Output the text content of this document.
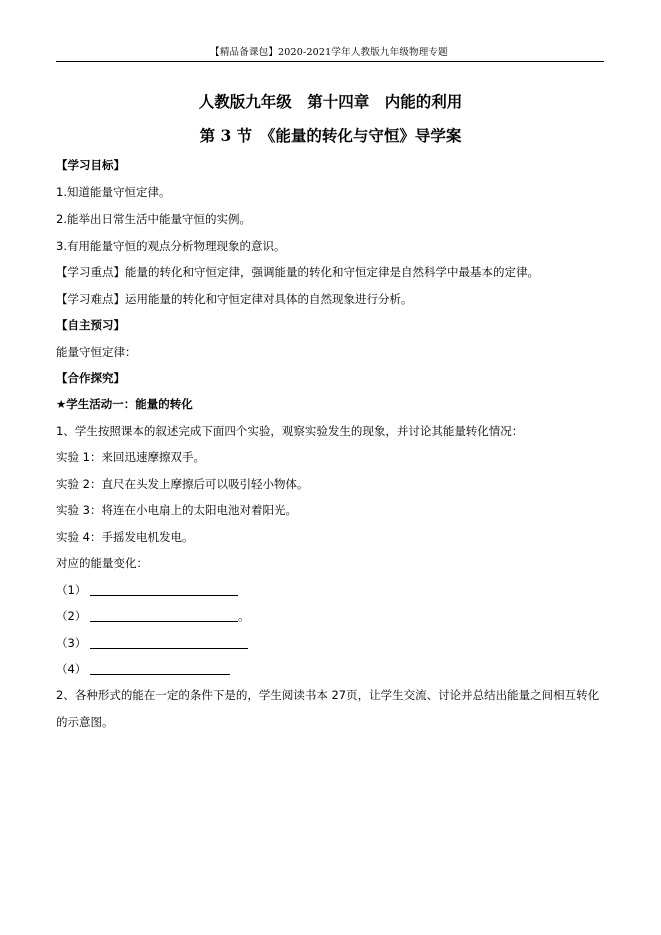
【精品备课包】2020-2021学年人教版九年级物理专题
人教版九年级　第十四章　内能的利用
第 3 节　《能量的转化与守恒》导学案
【学习目标】
1.知道能量守恒定律。
2.能举出日常生活中能量守恒的实例。
3.有用能量守恒的观点分析物理现象的意识。
【学习重点】能量的转化和守恒定律，强调能量的转化和守恒定律是自然科学中最基本的定律。
【学习难点】运用能量的转化和守恒定律对具体的自然现象进行分析。
【自主预习】
能量守恒定律：
【合作探究】
★学生活动一：能量的转化
1、学生按照课本的叙述完成下面四个实验，观察实验发生的现象，并讨论其能量转化情况：
实验 1：来回迅速摩擦双手。
实验 2：直尺在头发上摩擦后可以吸引轻小物体。
实验 3：将连在小电扇上的太阳电池对着阳光。
实验 4：手摇发电机发电。
对应的能量变化：
（1）
（2）	。
（3）
（4）
2、各种形式的能在一定的条件下是的，学生阅读书本 27页，让学生交流、讨论并总结出能量之间相互转化的示意图。
